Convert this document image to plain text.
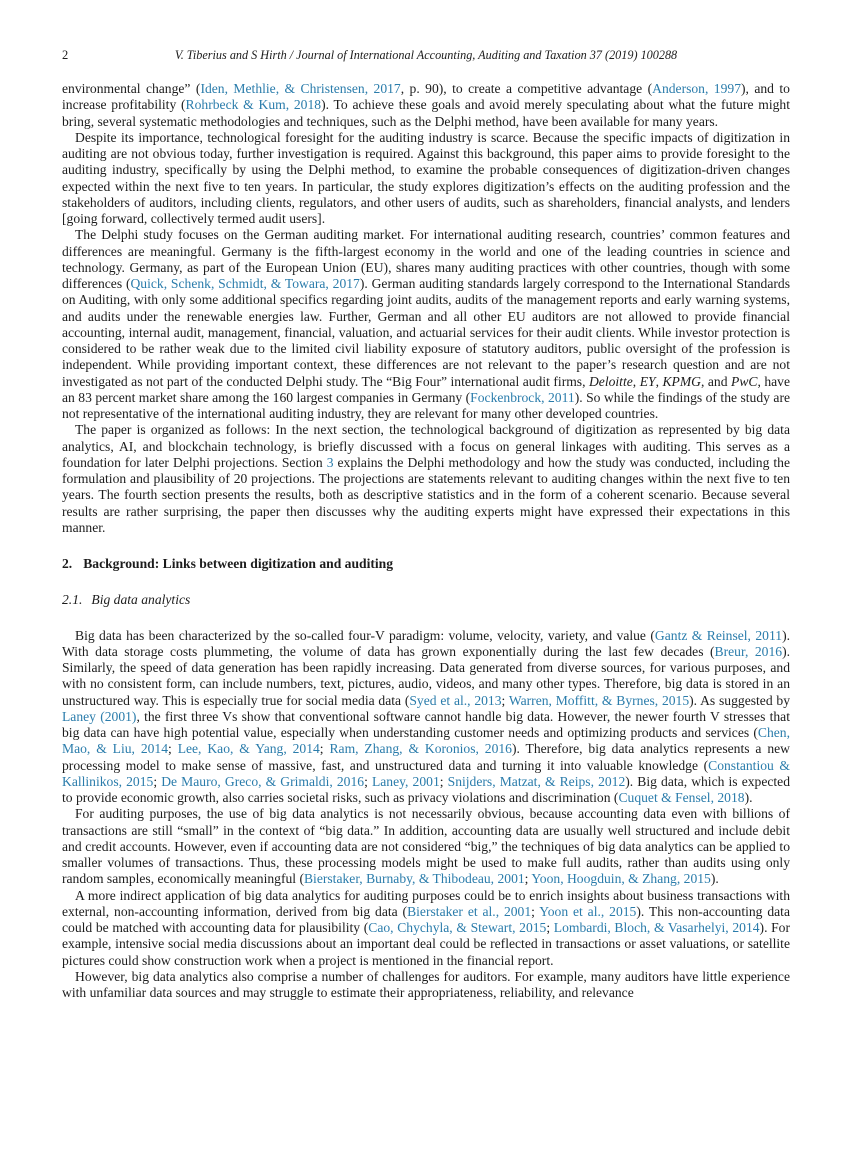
2	V. Tiberius and S Hirth / Journal of International Accounting, Auditing and Taxation 37 (2019) 100288

environmental change” (Iden, Methlie, & Christensen, 2017, p. 90), to create a competitive advantage (Anderson, 1997), and to increase profitability (Rohrbeck & Kum, 2018). To achieve these goals and avoid merely speculating about what the future might bring, several systematic methodologies and techniques, such as the Delphi method, have been available for many years.

Despite its importance, technological foresight for the auditing industry is scarce. Because the specific impacts of digitization in auditing are not obvious today, further investigation is required. Against this background, this paper aims to provide foresight to the auditing industry, specifically by using the Delphi method, to examine the probable consequences of digitization-driven changes expected within the next five to ten years. In particular, the study explores digitization’s effects on the auditing profession and the stakeholders of auditors, including clients, regulators, and other users of audits, such as shareholders, financial analysts, and lenders [going forward, collectively termed audit users].

The Delphi study focuses on the German auditing market. For international auditing research, countries’ common features and differences are meaningful. Germany is the fifth-largest economy in the world and one of the leading countries in science and technology. Germany, as part of the European Union (EU), shares many auditing practices with other countries, though with some differences (Quick, Schenk, Schmidt, & Towara, 2017). German auditing standards largely correspond to the International Standards on Auditing, with only some additional specifics regarding joint audits, audits of the management reports and early warning systems, and audits under the renewable energies law. Further, German and all other EU auditors are not allowed to provide financial accounting, internal audit, management, financial, valuation, and actuarial services for their audit clients. While investor protection is considered to be rather weak due to the limited civil liability exposure of statutory auditors, public oversight of the profession is independent. While providing important context, these differences are not relevant to the paper’s research question and are not investigated as not part of the conducted Delphi study. The “Big Four” international audit firms, Deloitte, EY, KPMG, and PwC, have an 83 percent market share among the 160 largest companies in Germany (Fockenbrock, 2011). So while the findings of the study are not representative of the international auditing industry, they are relevant for many other developed countries.

The paper is organized as follows: In the next section, the technological background of digitization as represented by big data analytics, AI, and blockchain technology, is briefly discussed with a focus on general linkages with auditing. This serves as a foundation for later Delphi projections. Section 3 explains the Delphi methodology and how the study was conducted, including the formulation and plausibility of 20 projections. The projections are statements relevant to auditing changes within the next five to ten years. The fourth section presents the results, both as descriptive statistics and in the form of a coherent scenario. Because several results are rather surprising, the paper then discusses why the auditing experts might have expressed their expectations in this manner.

2. Background: Links between digitization and auditing
2.1. Big data analytics

Big data has been characterized by the so-called four-V paradigm: volume, velocity, variety, and value (Gantz & Reinsel, 2011). With data storage costs plummeting, the volume of data has grown exponentially during the last few decades (Breur, 2016). Similarly, the speed of data generation has been rapidly increasing. Data generated from diverse sources, for various purposes, and with no consistent form, can include numbers, text, pictures, audio, videos, and many other types. Therefore, big data is stored in an unstructured way. This is especially true for social media data (Syed et al., 2013; Warren, Moffitt, & Byrnes, 2015). As suggested by Laney (2001), the first three Vs show that conventional software cannot handle big data. However, the newer fourth V stresses that big data can have high potential value, especially when understanding customer needs and optimizing products and services (Chen, Mao, & Liu, 2014; Lee, Kao, & Yang, 2014; Ram, Zhang, & Koronios, 2016). Therefore, big data analytics represents a new processing model to make sense of massive, fast, and unstructured data and turning it into valuable knowledge (Constantiou & Kallinikos, 2015; De Mauro, Greco, & Grimaldi, 2016; Laney, 2001; Snijders, Matzat, & Reips, 2012). Big data, which is expected to provide economic growth, also carries societal risks, such as privacy violations and discrimination (Cuquet & Fensel, 2018).

For auditing purposes, the use of big data analytics is not necessarily obvious, because accounting data even with billions of transactions are still “small” in the context of “big data.” In addition, accounting data are usually well structured and include debit and credit accounts. However, even if accounting data are not considered “big,” the techniques of big data analytics can be applied to smaller volumes of transactions. Thus, these processing models might be used to make full audits, rather than audits using only random samples, economically meaningful (Bierstaker, Burnaby, & Thibodeau, 2001; Yoon, Hoogduin, & Zhang, 2015).

A more indirect application of big data analytics for auditing purposes could be to enrich insights about business transactions with external, non-accounting information, derived from big data (Bierstaker et al., 2001; Yoon et al., 2015). This non-accounting data could be matched with accounting data for plausibility (Cao, Chychyla, & Stewart, 2015; Lombardi, Bloch, & Vasarhelyi, 2014). For example, intensive social media discussions about an important deal could be reflected in transactions or asset valuations, or satellite pictures could show construction work when a project is mentioned in the financial report.

However, big data analytics also comprise a number of challenges for auditors. For example, many auditors have little experience with unfamiliar data sources and may struggle to estimate their appropriateness, reliability, and relevance
